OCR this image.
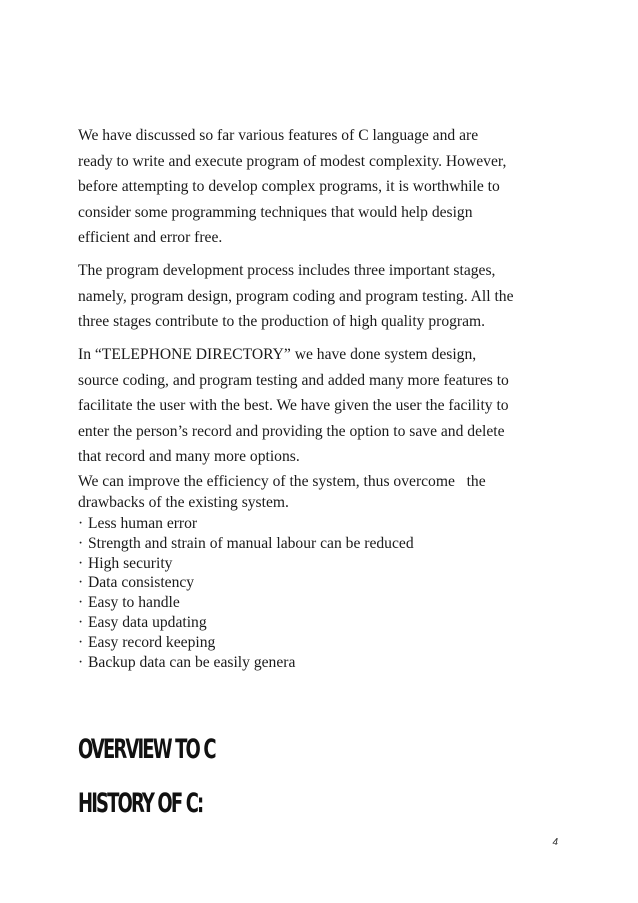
We have discussed so far various features of C language and are
ready to write and execute program of modest complexity. However,
before attempting to develop complex programs, it is worthwhile to
consider some programming techniques that would help design
efficient and error free.
The program development process includes three important stages,
namely, program design, program coding and program testing. All the
three stages contribute to the production of high quality program.
In “TELEPHONE DIRECTORY” we have done system design,
source coding, and program testing and added many more features to
facilitate the user with the best. We have given the user the facility to
enter the person’s record and providing the option to save and delete
that record and many more options.
We can improve the efficiency of the system, thus overcome   the
drawbacks of the existing system.
· Less human error
· Strength and strain of manual labour can be reduced
· High security
· Data consistency
· Easy to handle
· Easy data updating
· Easy record keeping
· Backup data can be easily genera
OVERVIEW TO C
HISTORY OF C:
4
